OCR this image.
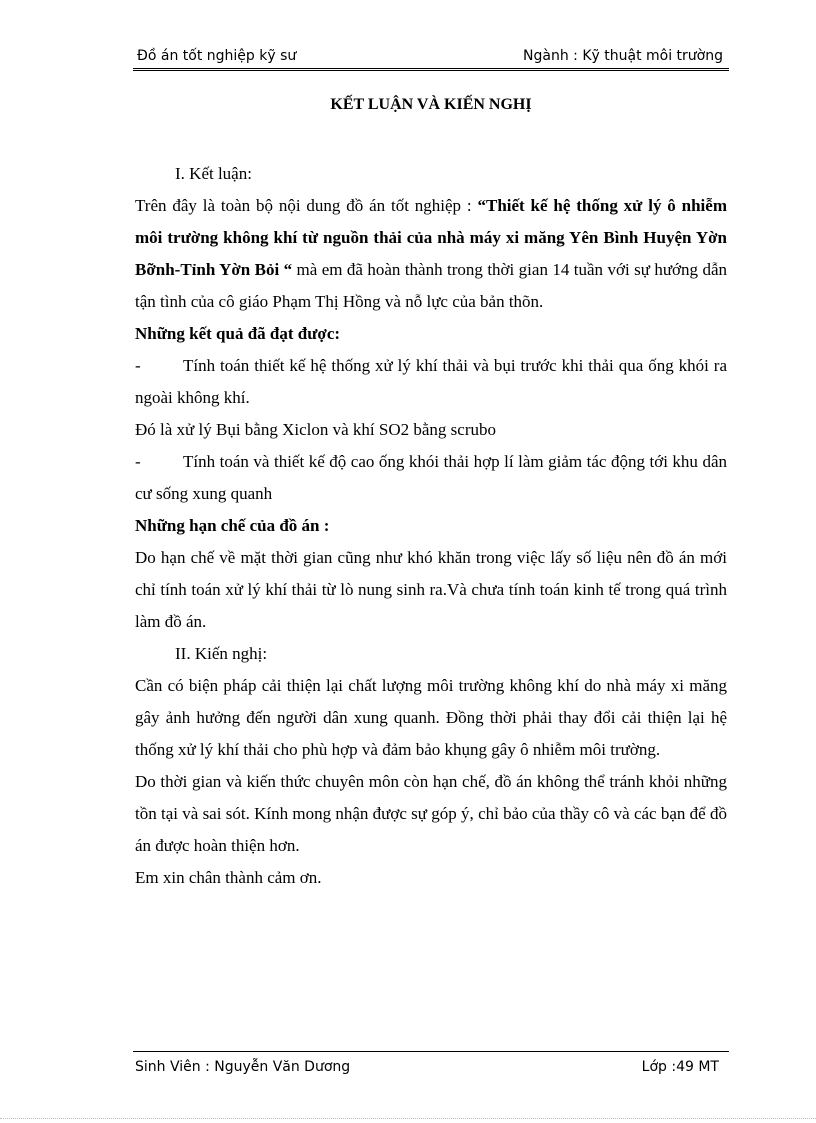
Đồ án tốt nghiệp kỹ sư	Ngành : Kỹ thuật môi trường
KẾT LUẬN VÀ KIẾN NGHỊ

I. Kết luận:

Trên đây là toàn bộ nội dung đồ án tốt nghiệp : “Thiết kế hệ thống xử lý ô nhiễm môi trường không khí từ nguồn thải của nhà máy xi măng Yên Bình Huyện Yờn Bỡnh-Tỉnh Yờn Bỏi “ mà em đã hoàn thành trong thời gian 14 tuần với sự hướng dẫn tận tình của cô giáo Phạm Thị Hồng và nỗ lực của bản thõn.

Những kết quả đã đạt được:

- Tính toán thiết kế hệ thống xử lý khí thải và bụi trước khi thải qua ống khói ra ngoài không khí.

Đó là xử lý Bụi bằng Xiclon và khí SO2 bằng scrubo

- Tính toán và thiết kế độ cao ống khói thải hợp lí làm giảm tác động tới khu dân cư sống xung quanh

Những hạn chế của đồ án :

Do hạn chế về mặt thời gian cũng như khó khăn trong việc lấy số liệu nên đồ án mới chỉ tính toán xử lý khí thải từ lò nung sinh ra.Và chưa tính toán kinh tế trong quá trình làm đồ án.

II. Kiến nghị:

Cần có biện pháp cải thiện lại chất lượng môi trường không khí do nhà máy xi măng gây ảnh hưởng đến người dân xung quanh. Đồng thời phải thay đổi cải thiện lại hệ thống xử lý khí thải cho phù hợp và đảm bảo khụng gây ô nhiễm môi trường.

Do thời gian và kiến thức chuyên môn còn hạn chế, đồ án không thể tránh khỏi những tồn tại và sai sót. Kính mong nhận được sự góp ý, chỉ bảo của thầy cô và các bạn để đồ án được hoàn thiện hơn.

Em xin chân thành cảm ơn.

Sinh Viên : Nguyễn Văn Dương	Lớp :49 MT
